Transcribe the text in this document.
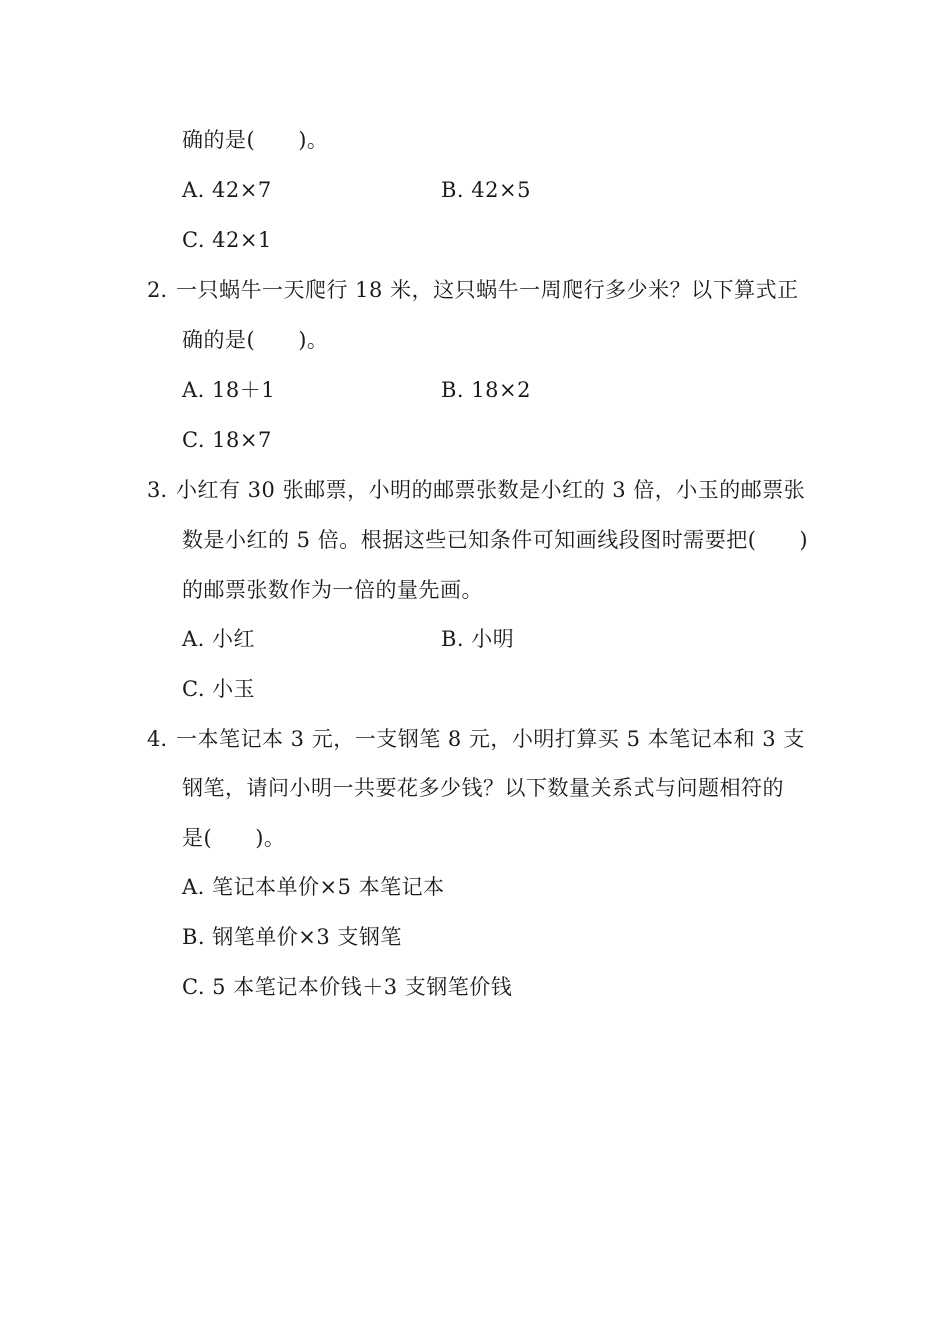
确的是(　　)。
A. 42×7	B. 42×5
C. 42×1
2. 一只蜗牛一天爬行 18 米，这只蜗牛一周爬行多少米？以下算式正
确的是(　　)。
A. 18＋1	B. 18×2
C. 18×7
3. 小红有 30 张邮票，小明的邮票张数是小红的 3 倍，小玉的邮票张
数是小红的 5 倍。根据这些已知条件可知画线段图时需要把(　　)
的邮票张数作为一倍的量先画。
A. 小红	B. 小明
C. 小玉
4. 一本笔记本 3 元，一支钢笔 8 元，小明打算买 5 本笔记本和 3 支
钢笔，请问小明一共要花多少钱？以下数量关系式与问题相符的
是(　　)。
A. 笔记本单价×5 本笔记本
B. 钢笔单价×3 支钢笔
C. 5 本笔记本价钱＋3 支钢笔价钱
